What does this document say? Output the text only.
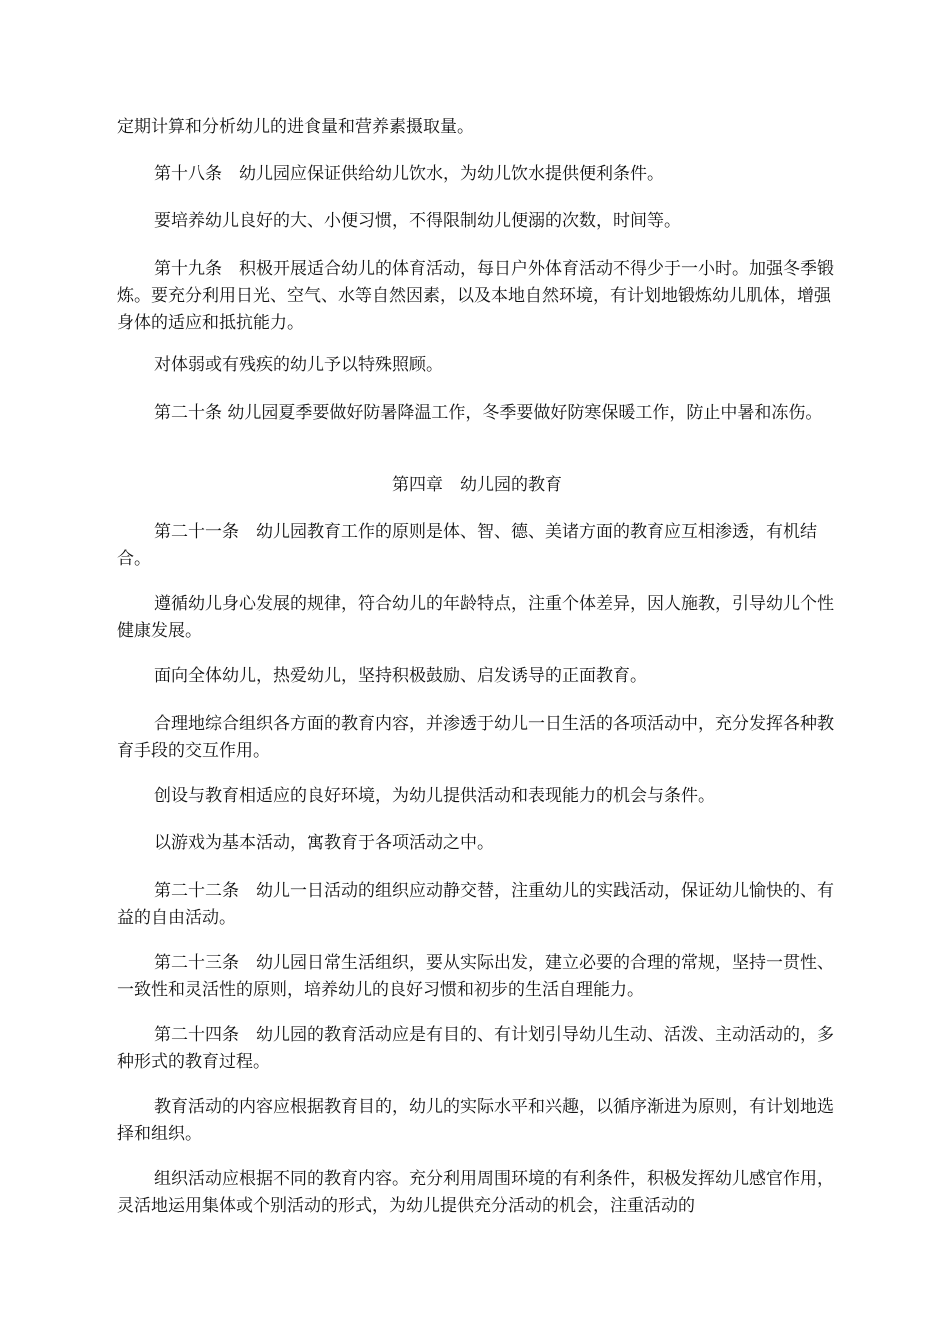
定期计算和分析幼儿的进食量和营养素摄取量。

第十八条　幼儿园应保证供给幼儿饮水，为幼儿饮水提供便利条件。

要培养幼儿良好的大、小便习惯，不得限制幼儿便溺的次数，时间等。

第十九条　积极开展适合幼儿的体育活动，每日户外体育活动不得少于一小时。加强冬季锻炼。要充分利用日光、空气、水等自然因素，以及本地自然环境，有计划地锻炼幼儿肌体，增强身体的适应和抵抗能力。

对体弱或有残疾的幼儿予以特殊照顾。

第二十条 幼儿园夏季要做好防暑降温工作，冬季要做好防寒保暖工作，防止中暑和冻伤。

第四章　幼儿园的教育

第二十一条　幼儿园教育工作的原则是体、智、德、美诸方面的教育应互相渗透，有机结合。

遵循幼儿身心发展的规律，符合幼儿的年龄特点，注重个体差异，因人施教，引导幼儿个性健康发展。

面向全体幼儿，热爱幼儿，坚持积极鼓励、启发诱导的正面教育。

合理地综合组织各方面的教育内容，并渗透于幼儿一日生活的各项活动中，充分发挥各种教育手段的交互作用。

创设与教育相适应的良好环境，为幼儿提供活动和表现能力的机会与条件。

以游戏为基本活动，寓教育于各项活动之中。

第二十二条　幼儿一日活动的组织应动静交替，注重幼儿的实践活动，保证幼儿愉快的、有益的自由活动。

第二十三条　幼儿园日常生活组织，要从实际出发，建立必要的合理的常规，坚持一贯性、一致性和灵活性的原则，培养幼儿的良好习惯和初步的生活自理能力。

第二十四条　幼儿园的教育活动应是有目的、有计划引导幼儿生动、活泼、主动活动的，多种形式的教育过程。

教育活动的内容应根据教育目的，幼儿的实际水平和兴趣，以循序渐进为原则，有计划地选择和组织。

组织活动应根据不同的教育内容。充分利用周围环境的有利条件，积极发挥幼儿感官作用，灵活地运用集体或个别活动的形式，为幼儿提供充分活动的机会，注重活动的
